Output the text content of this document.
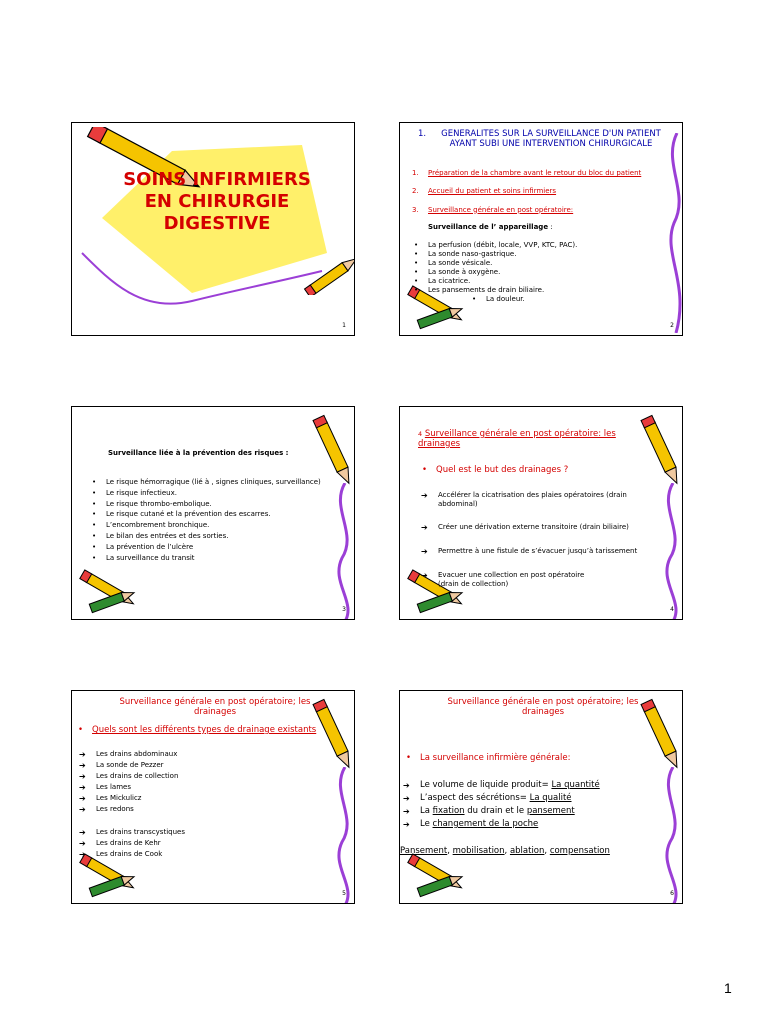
SOINS INFIRMIERS
EN CHIRURGIE
DIGESTIVE
1
1.	GENERALITES SUR LA SURVEILLANCE D'UN PATIENT AYANT SUBI UNE INTERVENTION CHIRURGICALE
1. Préparation de la chambre avant le retour du bloc du patient
2. Accueil du patient et soins infirmiers
3. Surveillance générale en post opératoire:
Surveillance de l’ appareillage :
• La perfusion (débit, locale, VVP, KTC, PAC).
• La sonde naso-gastrique.
• La sonde vésicale.
• La sonde à oxygène.
• La cicatrice.
• Les pansements de drain biliaire.
• La douleur.
2
Surveillance liée à la prévention des risques :
• Le risque hémorragique (lié à , signes cliniques, surveillance)
• Le risque infectieux.
• Le risque thrombo-embolique.
• Le risque cutané et la prévention des escarres.
• L’encombrement bronchique.
• Le bilan des entrées et des sorties.
• La prévention de l’ulcère
• La surveillance du transit
3
4 Surveillance générale en post opératoire: les drainages
• Quel est le but des drainages ?
➔ Accélérer la cicatrisation des plaies opératoires (drain abdominal)
➔ Créer une dérivation externe transitoire (drain biliaire)
➔ Permettre à une fistule de s’évacuer jusqu’à tarissement
➔ Evacuer une collection en post opératoire (drain de collection)
4
Surveillance générale en post opératoire; les drainages
• Quels sont les différents types de drainage existants
➔ Les drains abdominaux
➔ La sonde de Pezzer
➔ Les drains de collection
➔ Les lames
➔ Les Mickulicz
➔ Les redons
➔ Les drains transcystiques
➔ Les drains de Kehr
➔ Les drains de Cook
5
Surveillance générale en post opératoire; les drainages
• La surveillance infirmière générale:
➔ Le volume de liquide produit= La quantité
➔ L’aspect des sécrétions= La qualité
➔ La fixation du drain et le pansement
➔ Le changement de la poche
Pansement, mobilisation, ablation, compensation
6
1
